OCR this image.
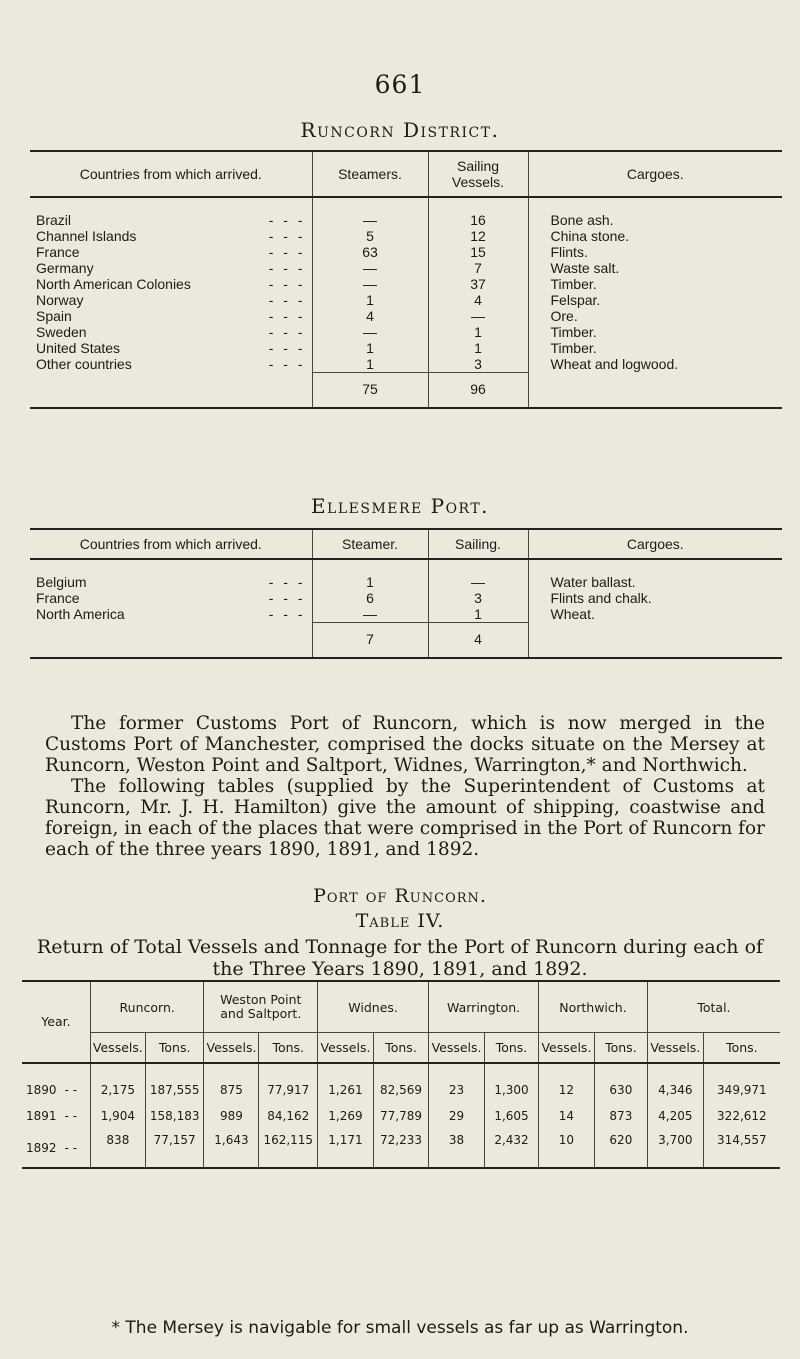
661
Runcorn District.
Countries from which arrived.	Steamers.	Sailing Vessels.	Cargoes.

Brazil - - -	—	16	Bone ash.
Channel Islands - - -	5	12	China stone.
France - - -	63	15	Flints.
Germany - - -	—	7	Waste salt.
North American Colonies - - -	—	37	Timber.
Norway - - -	1	4	Felspar.
Spain - - -	4	—	Ore.
Sweden - - -	—	1	Timber.
United States - - -	1	1	Timber.
Other countries - - -	1	3	Wheat and logwood.
	75	96	
Ellesmere Port.
Countries from which arrived.	Steamer.	Sailing.	Cargoes.

Belgium - - -	1	—	Water ballast.
France - - -	6	3	Flints and chalk.
North America - - -	—	1	Wheat.
	7	4	

The former Customs Port of Runcorn, which is now merged in the Customs Port of Manchester, comprised the docks situate on the Mersey at Runcorn, Weston Point and Saltport, Widnes, Warrington,* and Northwich.

The following tables (supplied by the Superintendent of Customs at Runcorn, Mr. J. H. Hamilton) give the amount of shipping, coastwise and foreign, in each of the places that were comprised in the Port of Runcorn for each of the three years 1890, 1891, and 1892.

Port of Runcorn.
Table IV.
Return of Total Vessels and Tonnage for the Port of Runcorn during each of the Three Years 1890, 1891, and 1892.
Year.	Runcorn.		Weston Point and Saltport.		Widnes.		Warrington.		Northwich.		Total.	
	Vessels.	Tons.	Vessels.	Tons.	Vessels.	Tons.	Vessels.	Tons.	Vessels.	Tons.	Vessels.	Tons.

1890 - -	2,175	187,555	875	77,917	1,261	82,569	23	1,300	12	630	4,346	349,971
1891 - -	1,904	158,183	989	84,162	1,269	77,789	29	1,605	14	873	4,205	322,612
1892 - -	838	77,157	1,643	162,115	1,171	72,233	38	2,432	10	620	3,700	314,557
* The Mersey is navigable for small vessels as far up as Warrington.
